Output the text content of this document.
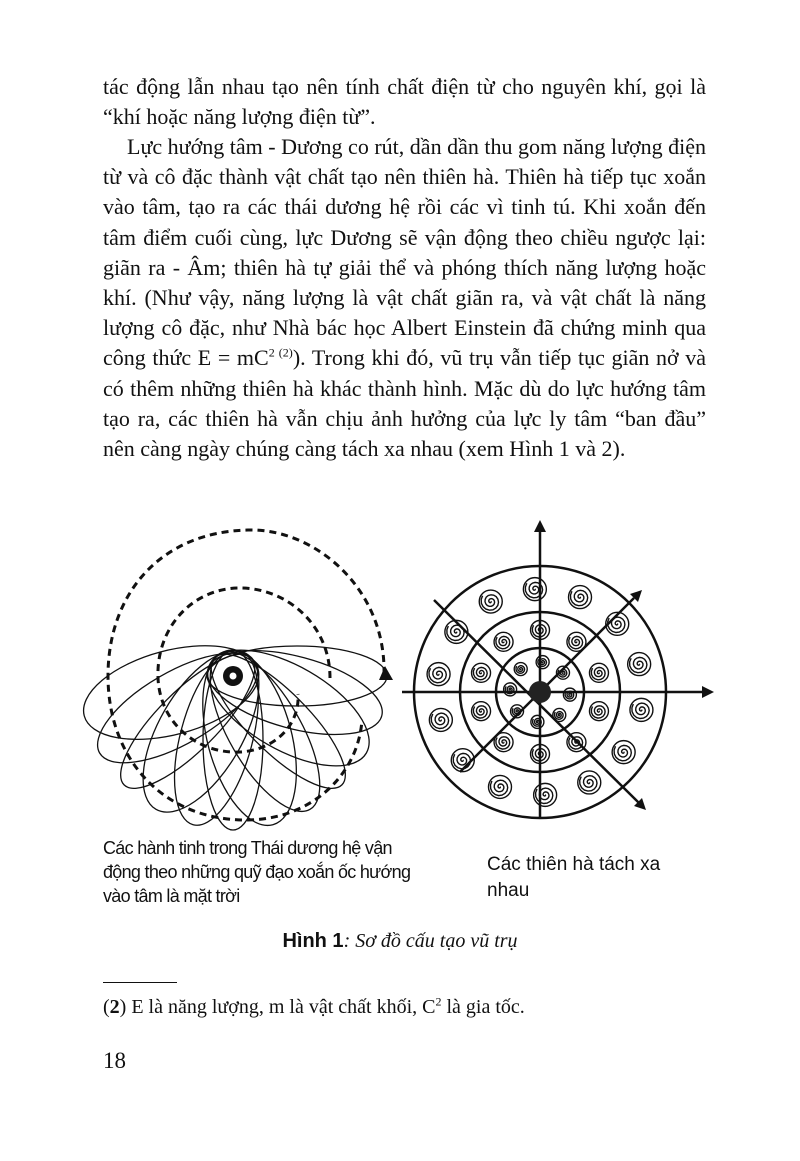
tác động lẫn nhau tạo nên tính chất điện từ cho nguyên khí, gọi là “khí hoặc năng lượng điện từ”.

Lực hướng tâm - Dương co rút, dần dần thu gom năng lượng điện từ và cô đặc thành vật chất tạo nên thiên hà. Thiên hà tiếp tục xoắn vào tâm, tạo ra các thái dương hệ rồi các vì tinh tú. Khi xoắn đến tâm điểm cuối cùng, lực Dương sẽ vận động theo chiều ngược lại: giãn ra - Âm; thiên hà tự giải thể và phóng thích năng lượng hoặc khí. (Như vậy, năng lượng là vật chất giãn ra, và vật chất là năng lượng cô đặc, như Nhà bác học Albert Einstein đã chứng minh qua công thức $E = mC^{2 (2)}$). Trong khi đó, vũ trụ vẫn tiếp tục giãn nở và có thêm những thiên hà khác thành hình. Mặc dù do lực hướng tâm tạo ra, các thiên hà vẫn chịu ảnh hưởng của lực ly tâm “ban đầu” nên càng ngày chúng càng tách xa nhau (xem Hình 1 và 2).

Các hành tinh trong Thái dương hệ vận động theo những quỹ đạo xoắn ốc hướng vào tâm là mặt trời

Các thiên hà tách xa nhau

Hình 1: Sơ đồ cấu tạo vũ trụ

(2) E là năng lượng, m là vật chất khối, $C^2$ là gia tốc.

18
